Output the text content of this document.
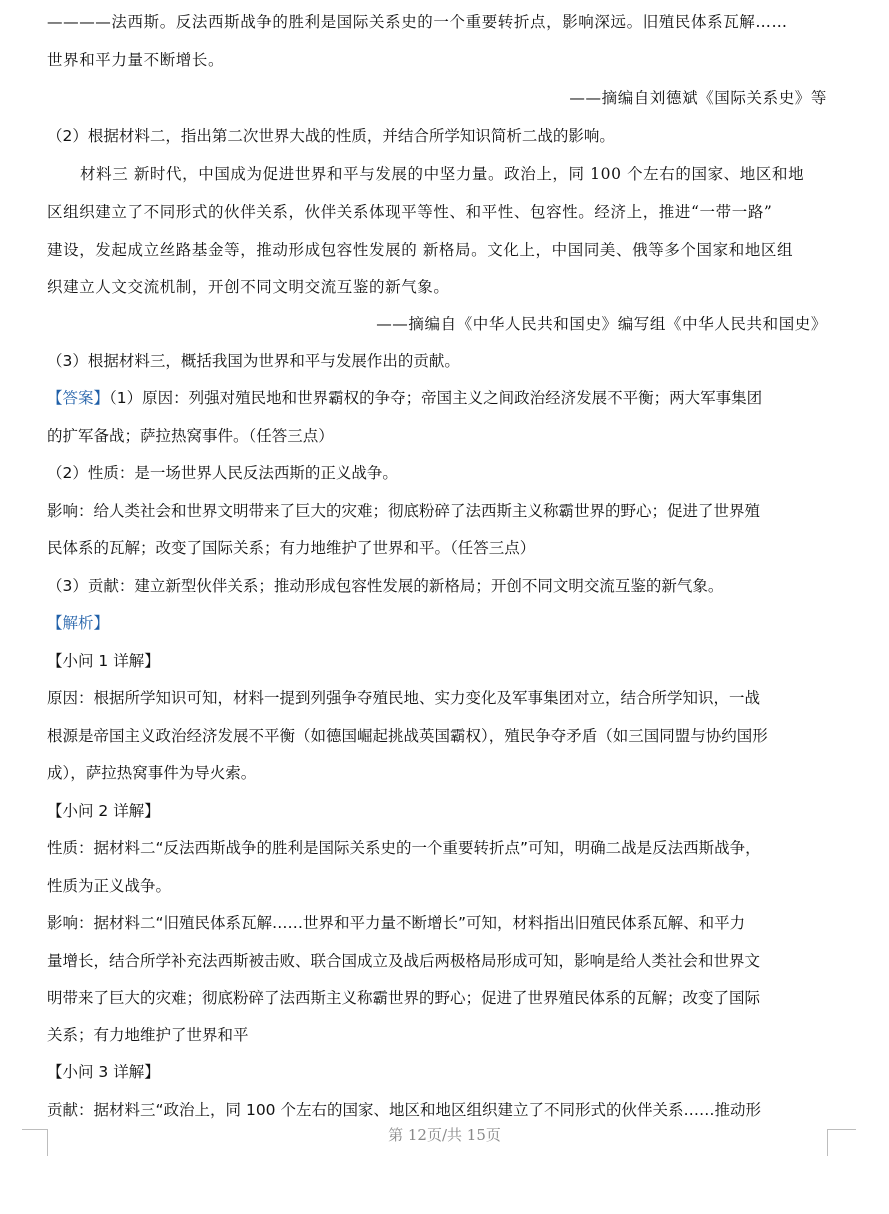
————法西斯。反法西斯战争的胜利是国际关系史的一个重要转折点，影响深远。旧殖民体系瓦解……
世界和平力量不断增长。
——摘编自刘德斌《国际关系史》等
（2）根据材料二，指出第二次世界大战的性质，并结合所学知识简析二战的影响。
材料三 新时代，中国成为促进世界和平与发展的中坚力量。政治上，同 100 个左右的国家、地区和地
区组织建立了不同形式的伙伴关系，伙伴关系体现平等性、和平性、包容性。经济上，推进“一带一路”
建设，发起成立丝路基金等，推动形成包容性发展的 新格局。文化上，中国同美、俄等多个国家和地区组
织建立人文交流机制，开创不同文明交流互鉴的新气象。
——摘编自《中华人民共和国史》编写组《中华人民共和国史》
（3）根据材料三，概括我国为世界和平与发展作出的贡献。
【答案】（1）原因：列强对殖民地和世界霸权的争夺；帝国主义之间政治经济发展不平衡；两大军事集团
的扩军备战；萨拉热窝事件。（任答三点）
（2）性质：是一场世界人民反法西斯的正义战争。
影响：给人类社会和世界文明带来了巨大的灾难；彻底粉碎了法西斯主义称霸世界的野心；促进了世界殖
民体系的瓦解；改变了国际关系；有力地维护了世界和平。（任答三点）
（3）贡献：建立新型伙伴关系；推动形成包容性发展的新格局；开创不同文明交流互鉴的新气象。
【解析】
【小问 1 详解】
原因：根据所学知识可知，材料一提到列强争夺殖民地、实力变化及军事集团对立，结合所学知识，一战
根源是帝国主义政治经济发展不平衡（如德国崛起挑战英国霸权），殖民争夺矛盾（如三国同盟与协约国形
成），萨拉热窝事件为导火索。
【小问 2 详解】
性质：据材料二“反法西斯战争的胜利是国际关系史的一个重要转折点”可知，明确二战是反法西斯战争，
性质为正义战争。
影响：据材料二“旧殖民体系瓦解……世界和平力量不断增长”可知，材料指出旧殖民体系瓦解、和平力
量增长，结合所学补充法西斯被击败、联合国成立及战后两极格局形成可知，影响是给人类社会和世界文
明带来了巨大的灾难；彻底粉碎了法西斯主义称霸世界的野心；促进了世界殖民体系的瓦解；改变了国际
关系；有力地维护了世界和平
【小问 3 详解】
贡献：据材料三“政治上，同 100 个左右的国家、地区和地区组织建立了不同形式的伙伴关系……推动形
第 12页/共 15页
